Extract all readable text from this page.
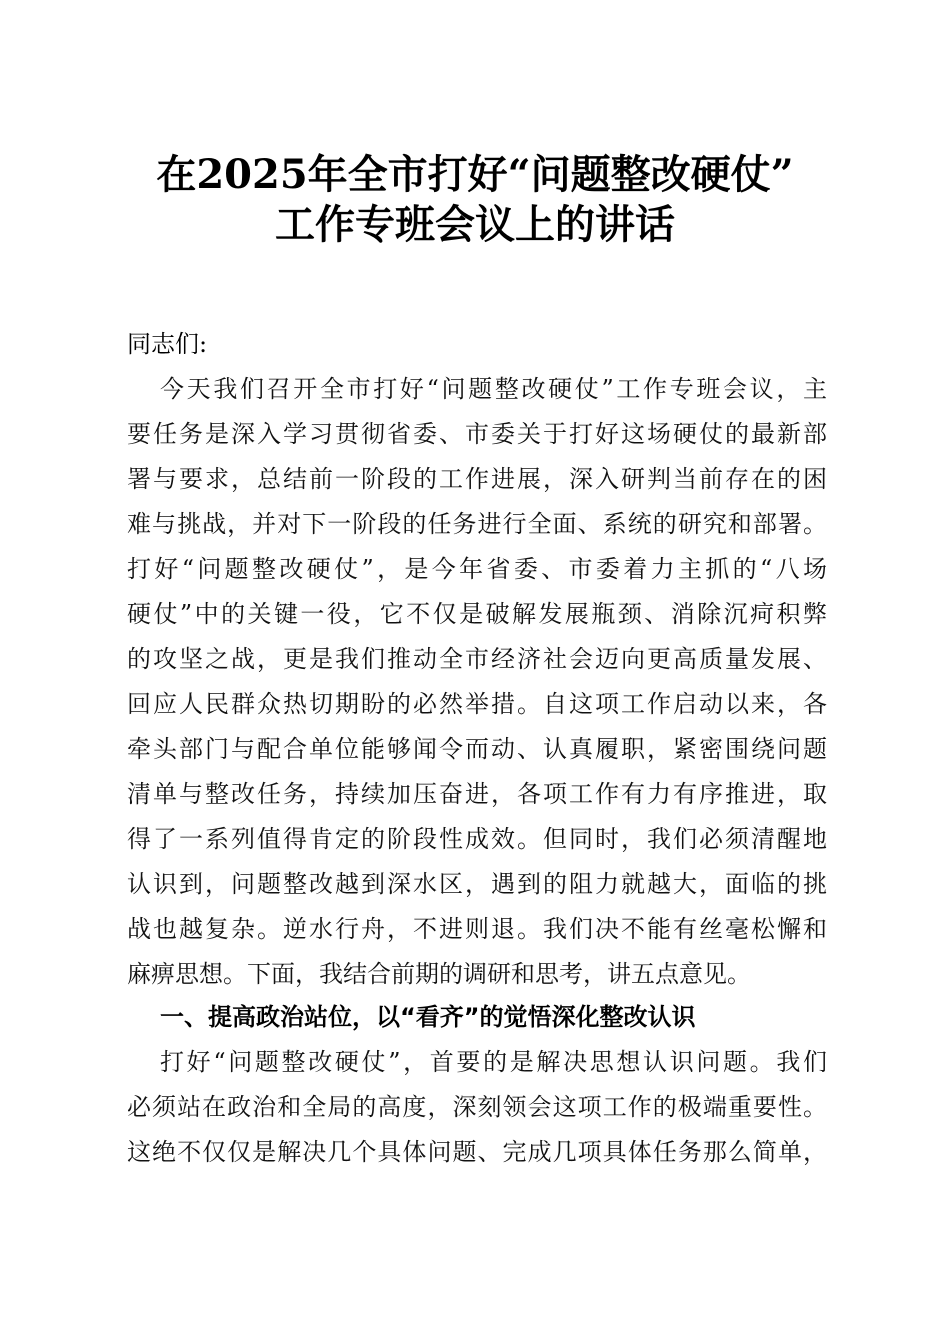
在2025年全市打好“问题整改硬仗”
工作专班会议上的讲话
同志们:
今天我们召开全市打好“问题整改硬仗”工作专班会议，主
要任务是深入学习贯彻省委、市委关于打好这场硬仗的最新部
署与要求，总结前一阶段的工作进展，深入研判当前存在的困
难与挑战，并对下一阶段的任务进行全面、系统的研究和部署。
打好“问题整改硬仗”，是今年省委、市委着力主抓的“八场
硬仗”中的关键一役，它不仅是破解发展瓶颈、消除沉疴积弊
的攻坚之战，更是我们推动全市经济社会迈向更高质量发展、
回应人民群众热切期盼的必然举措。自这项工作启动以来，各
牵头部门与配合单位能够闻令而动、认真履职，紧密围绕问题
清单与整改任务，持续加压奋进，各项工作有力有序推进，取
得了一系列值得肯定的阶段性成效。但同时，我们必须清醒地
认识到，问题整改越到深水区，遇到的阻力就越大，面临的挑
战也越复杂。逆水行舟，不进则退。我们决不能有丝毫松懈和
麻痹思想。下面，我结合前期的调研和思考，讲五点意见。
一、提高政治站位，以“看齐”的觉悟深化整改认识
打好“问题整改硬仗”，首要的是解决思想认识问题。我们
必须站在政治和全局的高度，深刻领会这项工作的极端重要性。
这绝不仅仅是解决几个具体问题、完成几项具体任务那么简单，
